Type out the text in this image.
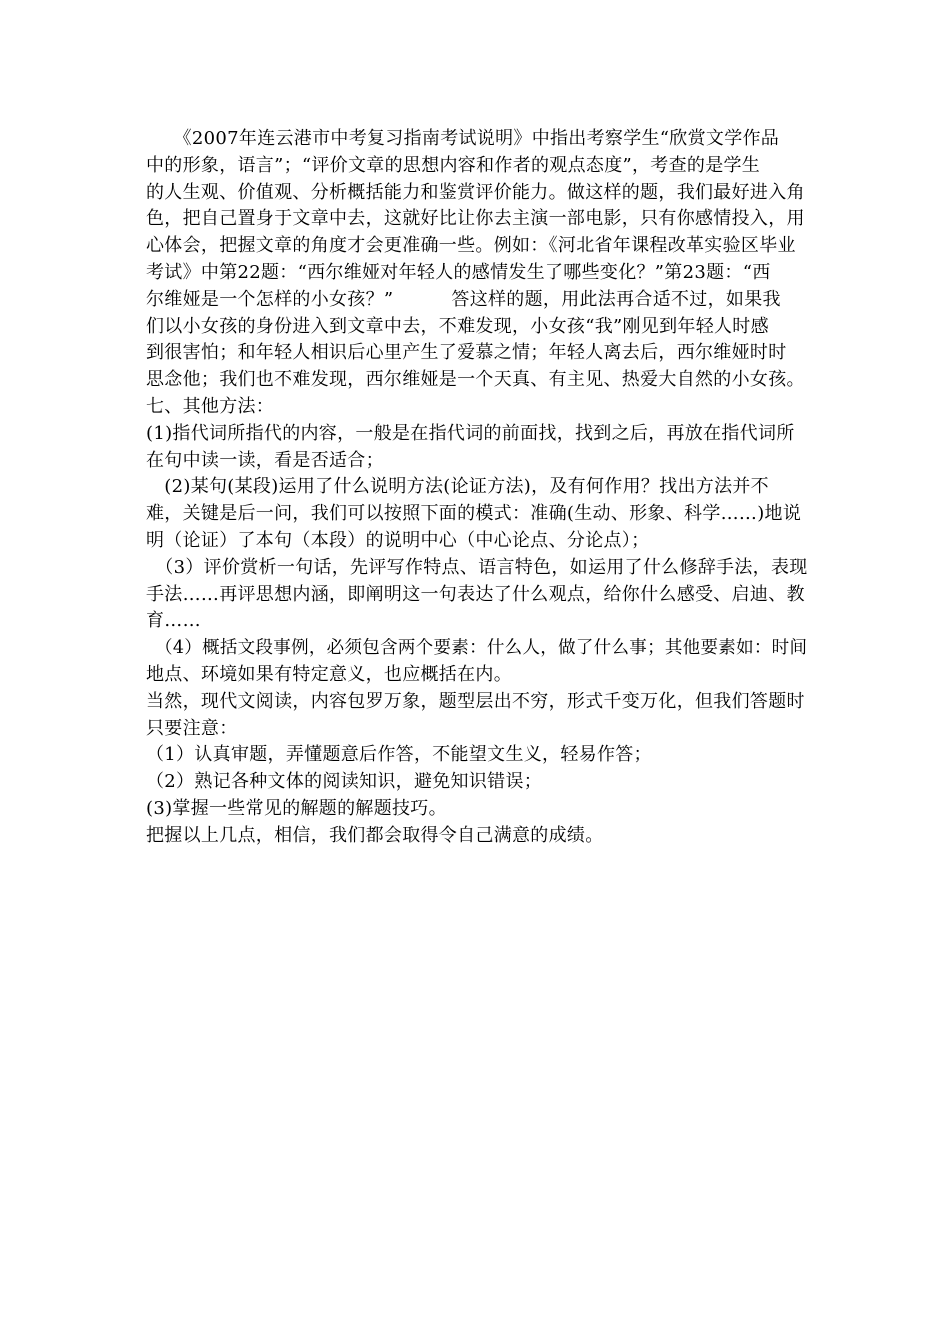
　　《2007年连云港市中考复习指南考试说明》中指出考察学生“欣赏文学作品
中的形象，语言”；“评价文章的思想内容和作者的观点态度”，考查的是学生
的人生观、价值观、分析概括能力和鉴赏评价能力。做这样的题，我们最好进入角
色，把自己置身于文章中去，这就好比让你去主演一部电影，只有你感情投入，用
心体会，把握文章的角度才会更准确一些。例如：《河北省年课程改革实验区毕业
考试》中第22题：“西尔维娅对年轻人的感情发生了哪些变化？”第23题：“西
尔维娅是一个怎样的小女孩？”	答这样的题，用此法再合适不过，如果我
们以小女孩的身份进入到文章中去，不难发现，小女孩“我”刚见到年轻人时感
到很害怕；和年轻人相识后心里产生了爱慕之情；年轻人离去后，西尔维娅时时
思念他；我们也不难发现，西尔维娅是一个天真、有主见、热爱大自然的小女孩。
七、其他方法：
(1)指代词所指代的内容，一般是在指代词的前面找，找到之后，再放在指代词所
在句中读一读，看是否适合；
　(2)某句(某段)运用了什么说明方法(论证方法)，及有何作用？找出方法并不
难，关键是后一问，我们可以按照下面的模式：准确(生动、形象、科学……)地说
明（论证）了本句（本段）的说明中心（中心论点、分论点）；
　（3）评价赏析一句话，先评写作特点、语言特色，如运用了什么修辞手法，表现
手法……再评思想内涵，即阐明这一句表达了什么观点，给你什么感受、启迪、教
育……
　（4）概括文段事例，必须包含两个要素：什么人，做了什么事；其他要素如：时间
地点、环境如果有特定意义，也应概括在内。
当然，现代文阅读，内容包罗万象，题型层出不穷，形式千变万化，但我们答题时
只要注意：
（1）认真审题，弄懂题意后作答，不能望文生义，轻易作答；
（2）熟记各种文体的阅读知识，避免知识错误；
(3)掌握一些常见的解题的解题技巧。
把握以上几点，相信，我们都会取得令自己满意的成绩。
